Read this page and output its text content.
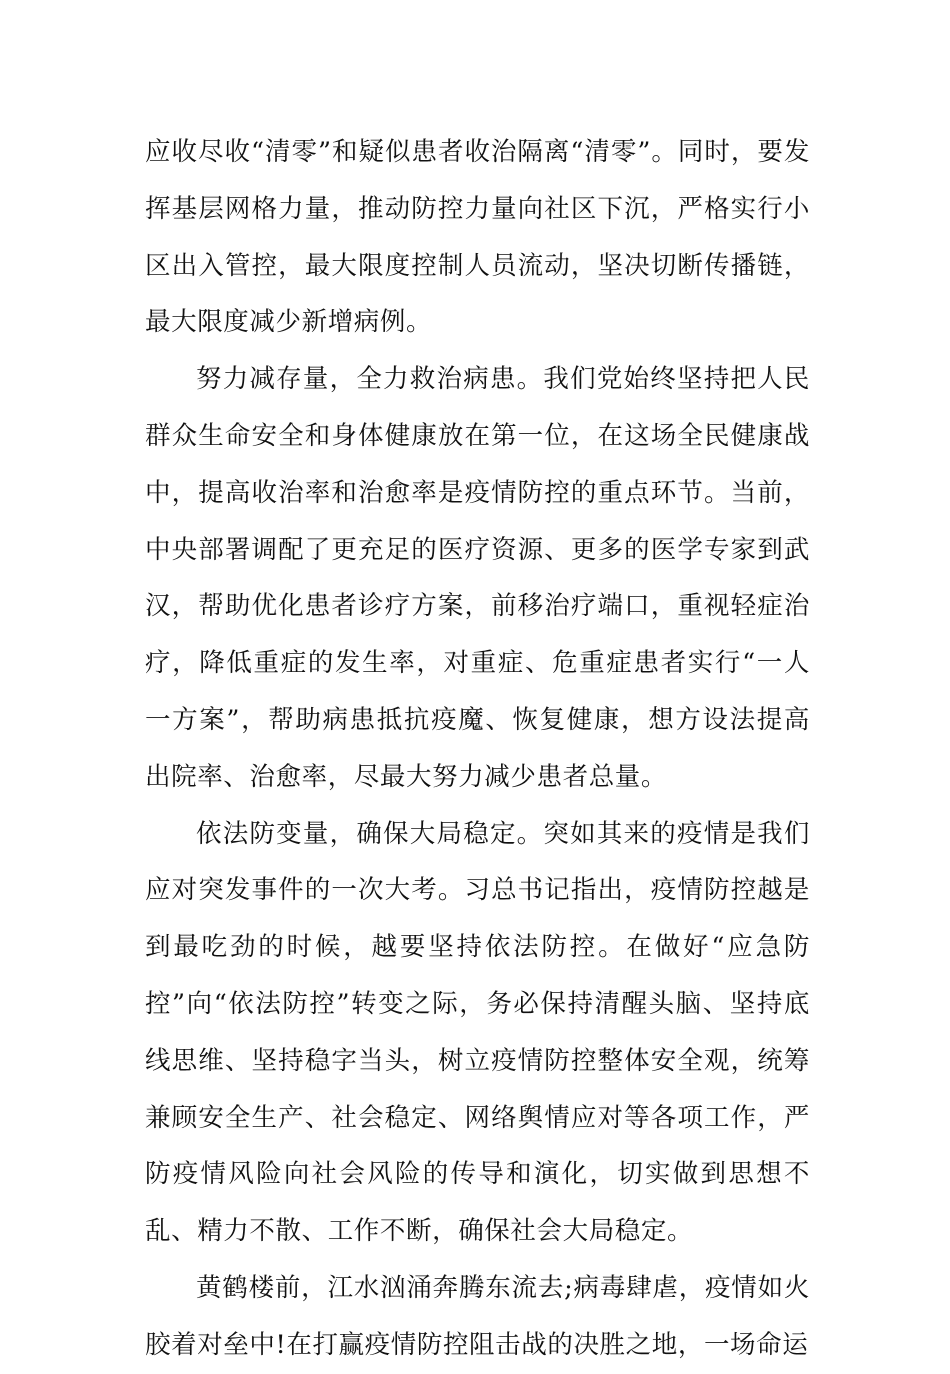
应收尽收“清零”和疑似患者收治隔离“清零”。同时，要发挥基层网格力量，推动防控力量向社区下沉，严格实行小区出入管控，最大限度控制人员流动，坚决切断传播链，最大限度减少新增病例。

努力减存量，全力救治病患。我们党始终坚持把人民群众生命安全和身体健康放在第一位，在这场全民健康战中，提高收治率和治愈率是疫情防控的重点环节。当前，中央部署调配了更充足的医疗资源、更多的医学专家到武汉，帮助优化患者诊疗方案，前移治疗端口，重视轻症治疗，降低重症的发生率，对重症、危重症患者实行“一人一方案”，帮助病患抵抗疫魔、恢复健康，想方设法提高出院率、治愈率，尽最大努力减少患者总量。

依法防变量，确保大局稳定。突如其来的疫情是我们应对突发事件的一次大考。习总书记指出，疫情防控越是到最吃劲的时候，越要坚持依法防控。在做好“应急防控”向“依法防控”转变之际，务必保持清醒头脑、坚持底线思维、坚持稳字当头，树立疫情防控整体安全观，统筹兼顾安全生产、社会稳定、网络舆情应对等各项工作，严防疫情风险向社会风险的传导和演化，切实做到思想不乱、精力不散、工作不断，确保社会大局稳定。

黄鹤楼前，江水汹涌奔腾东流去;病毒肆虐，疫情如火胶着对垒中!在打赢疫情防控阻击战的决胜之地，一场命运
